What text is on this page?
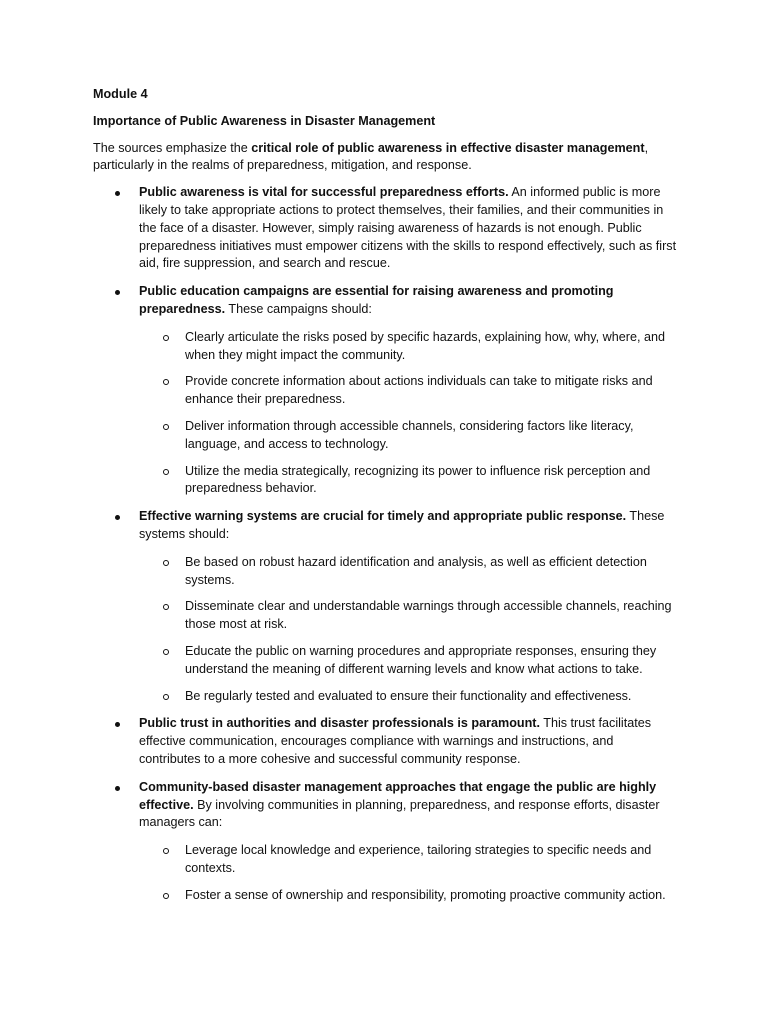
Module 4

Importance of Public Awareness in Disaster Management

The sources emphasize the critical role of public awareness in effective disaster management, particularly in the realms of preparedness, mitigation, and response.

Public awareness is vital for successful preparedness efforts. An informed public is more likely to take appropriate actions to protect themselves, their families, and their communities in the face of a disaster. However, simply raising awareness of hazards is not enough. Public preparedness initiatives must empower citizens with the skills to respond effectively, such as first aid, fire suppression, and search and rescue.
Public education campaigns are essential for raising awareness and promoting preparedness. These campaigns should:
Clearly articulate the risks posed by specific hazards, explaining how, why, where, and when they might impact the community.
Provide concrete information about actions individuals can take to mitigate risks and enhance their preparedness.
Deliver information through accessible channels, considering factors like literacy, language, and access to technology.
Utilize the media strategically, recognizing its power to influence risk perception and preparedness behavior.
Effective warning systems are crucial for timely and appropriate public response. These systems should:
Be based on robust hazard identification and analysis, as well as efficient detection systems.
Disseminate clear and understandable warnings through accessible channels, reaching those most at risk.
Educate the public on warning procedures and appropriate responses, ensuring they understand the meaning of different warning levels and know what actions to take.
Be regularly tested and evaluated to ensure their functionality and effectiveness.
Public trust in authorities and disaster professionals is paramount. This trust facilitates effective communication, encourages compliance with warnings and instructions, and contributes to a more cohesive and successful community response.
Community-based disaster management approaches that engage the public are highly effective. By involving communities in planning, preparedness, and response efforts, disaster managers can:
Leverage local knowledge and experience, tailoring strategies to specific needs and contexts.
Foster a sense of ownership and responsibility, promoting proactive community action.
